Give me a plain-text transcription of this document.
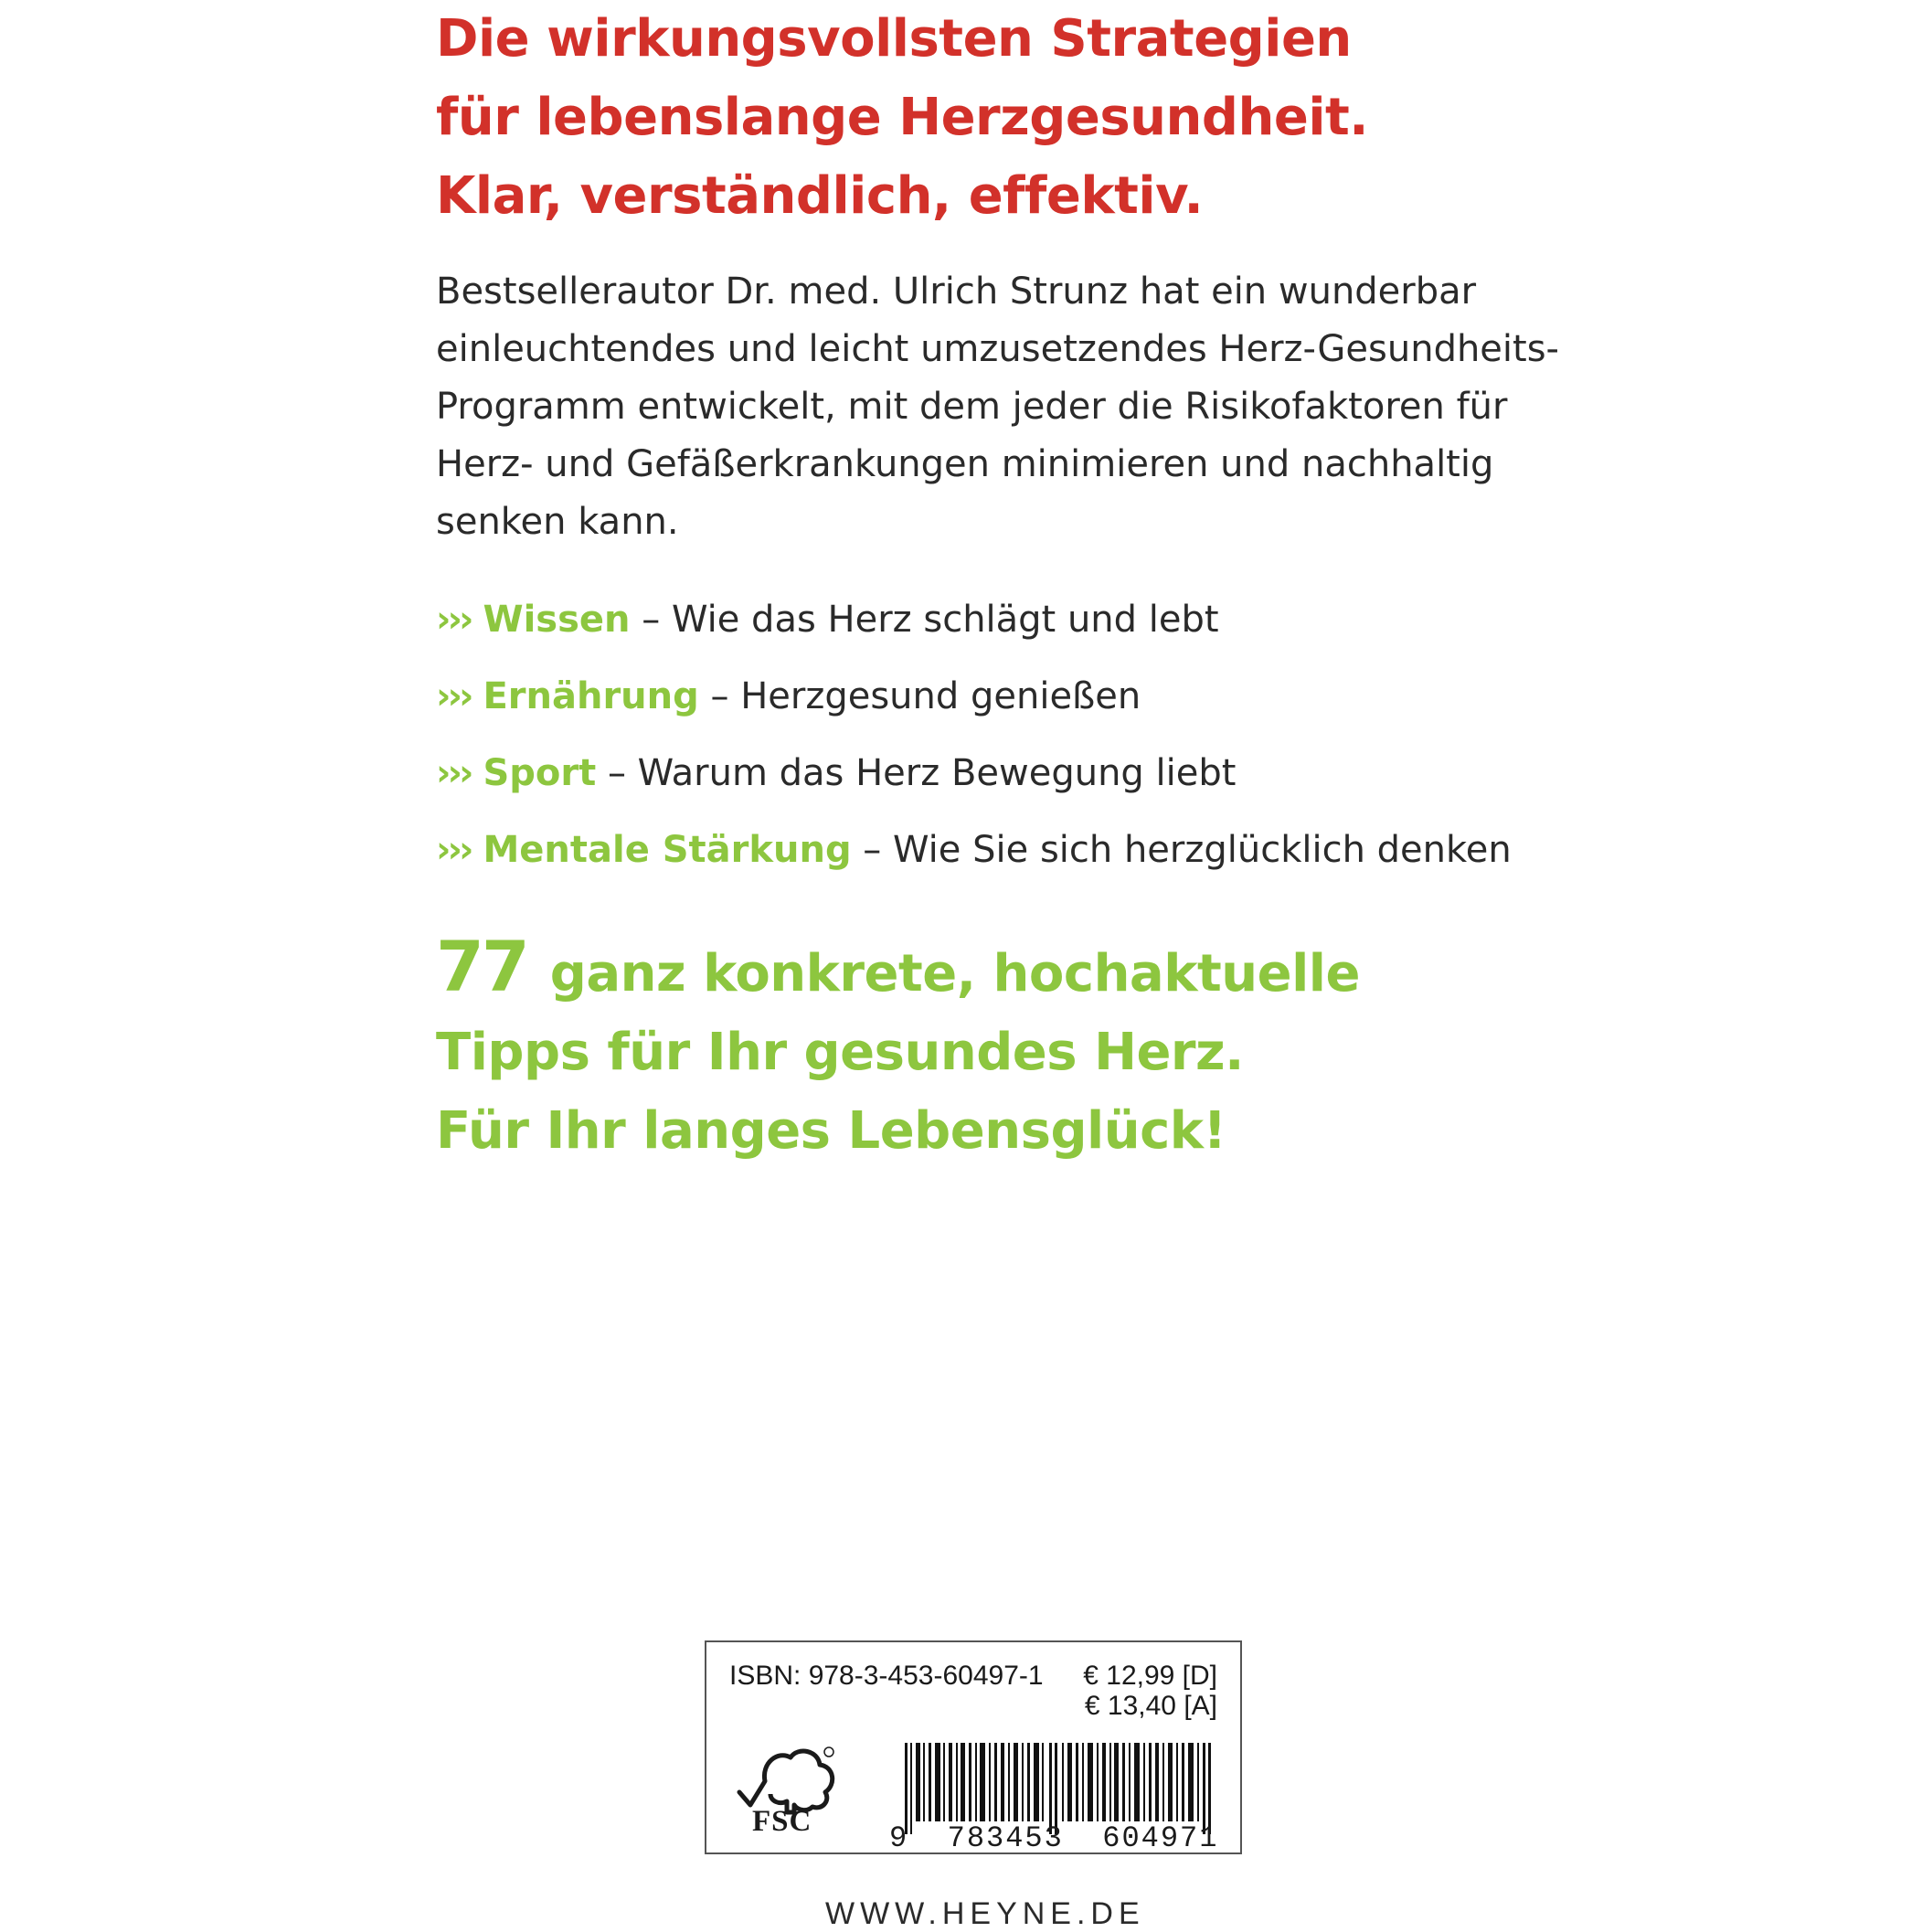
Die wirkungsvollsten Strategien
für lebenslange Herzgesundheit.
Klar, verständlich, effektiv.

Bestsellerautor Dr. med. Ulrich Strunz hat ein wunderbar
einleuchtendes und leicht umzusetzendes Herz-Gesundheits-
Programm entwickelt, mit dem jeder die Risikofaktoren für
Herz- und Gefäßerkrankungen minimieren und nachhaltig
senken kann.

››› Wissen – Wie das Herz schlägt und lebt
››› Ernährung – Herzgesund genießen
››› Sport – Warum das Herz Bewegung liebt
››› Mentale Stärkung – Wie Sie sich herzglücklich denken
77 ganz konkrete, hochaktuelle
Tipps für Ihr gesundes Herz.
Für Ihr langes Lebensglück!
ISBN: 978-3-453-60497-1 € 12,99 [D]
€ 13,40 [A]
FSC	9  783453  604971
WWW.HEYNE.DE
